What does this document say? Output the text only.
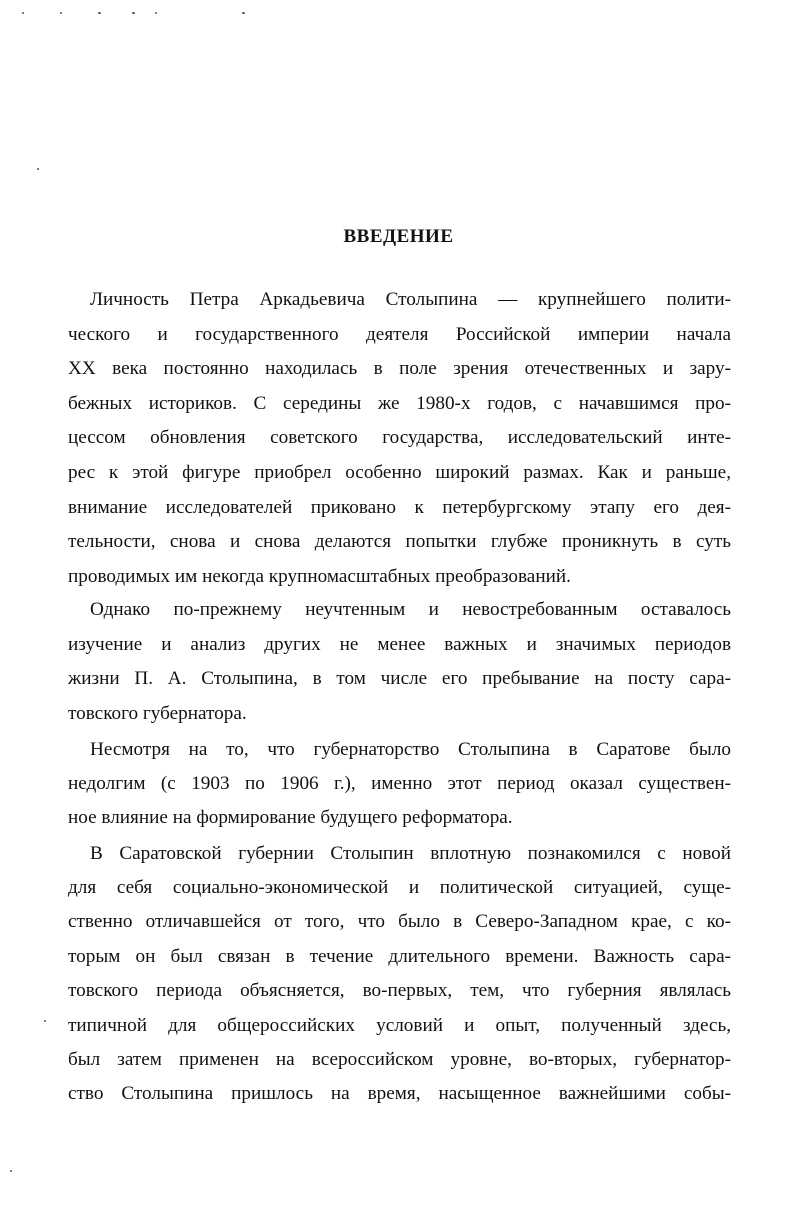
ВВЕДЕНИЕ
Личность Петра Аркадьевича Столыпина — крупнейшего полити-
ческого и государственного деятеля Российской империи начала
XX века постоянно находилась в поле зрения отечественных и зару-
бежных историков. С середины же 1980-х годов, с начавшимся про-
цессом обновления советского государства, исследовательский инте-
рес к этой фигуре приобрел особенно широкий размах. Как и раньше,
внимание исследователей приковано к петербургскому этапу его дея-
тельности, снова и снова делаются попытки глубже проникнуть в суть
проводимых им некогда крупномасштабных преобразований.
Однако по-прежнему неучтенным и невостребованным оставалось
изучение и анализ других не менее важных и значимых периодов
жизни П. А. Столыпина, в том числе его пребывание на посту сара-
товского губернатора.
Несмотря на то, что губернаторство Столыпина в Саратове было
недолгим (с 1903 по 1906 г.), именно этот период оказал существен-
ное влияние на формирование будущего реформатора.
В Саратовской губернии Столыпин вплотную познакомился с новой
для себя социально-экономической и политической ситуацией, суще-
ственно отличавшейся от того, что было в Северо-Западном крае, с ко-
торым он был связан в течение длительного времени. Важность сара-
товского периода объясняется, во-первых, тем, что губерния являлась
типичной для общероссийских условий и опыт, полученный здесь,
был затем применен на всероссийском уровне, во-вторых, губернатор-
ство Столыпина пришлось на время, насыщенное важнейшими собы-
